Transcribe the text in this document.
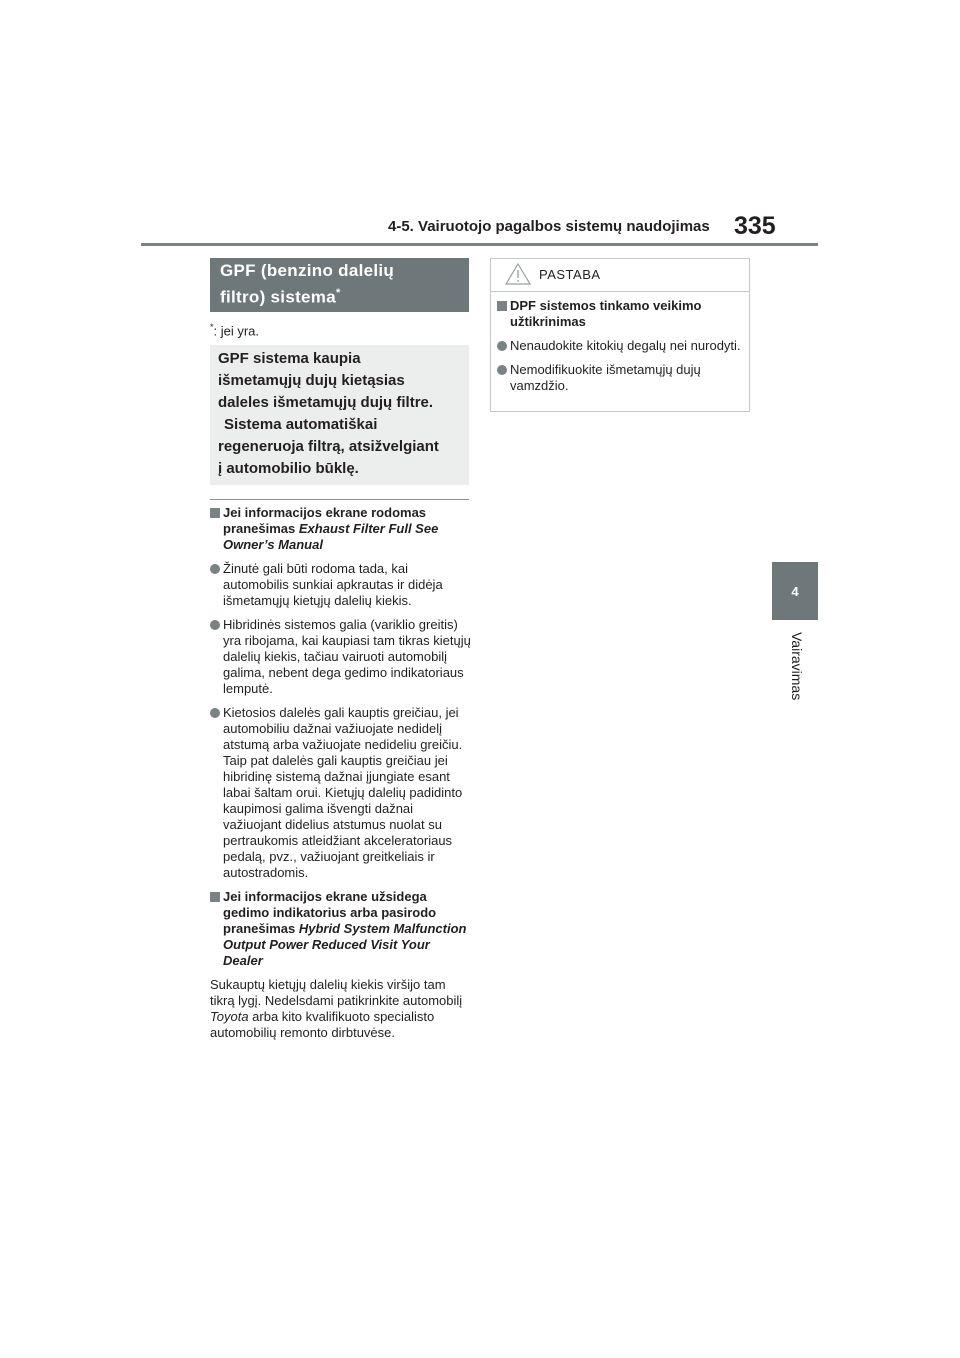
4-5. Vairuotojo pagalbos sistemų naudojimas 335
4
Vairavimas
GPF (benzino dalelių
filtro) sistema*
*: jei yra.
GPF sistema kaupia
išmetamųjų dujų kietąsias
daleles išmetamųjų dujų filtre.
Sistema automatiškai
regeneruoja filtrą, atsižvelgiant
į automobilio būklę.
Jei informacijos ekrane rodomas pranešimas Exhaust Filter Full See Owner’s Manual
Žinutė gali būti rodoma tada, kai automobilis sunkiai apkrautas ir didėja išmetamųjų kietųjų dalelių kiekis.
Hibridinės sistemos galia (variklio greitis) yra ribojama, kai kaupiasi tam tikras kietųjų dalelių kiekis, tačiau vairuoti automobilį galima, nebent dega gedimo indikatoriaus lemputė.
Kietosios dalelės gali kauptis greičiau, jei automobiliu dažnai važiuojate nedidelį atstumą arba važiuojate nedideliu greičiu. Taip pat dalelės gali kauptis greičiau jei hibridinę sistemą dažnai įjungiate esant labai šaltam orui. Kietųjų dalelių padidinto kaupimosi galima išvengti dažnai važiuojant didelius atstumus nuolat su pertraukomis atleidžiant akceleratoriaus pedalą, pvz., važiuojant greitkeliais ir autostradomis.
Jei informacijos ekrane užsidega gedimo indikatorius arba pasirodo pranešimas Hybrid System Malfunction Output Power Reduced Visit Your Dealer
Sukauptų kietųjų dalelių kiekis viršijo tam tikrą lygį. Nedelsdami patikrinkite automobilį Toyota arba kito kvalifikuoto specialisto automobilių remonto dirbtuvėse.
PASTABA
DPF sistemos tinkamo veikimo užtikrinimas
Nenaudokite kitokių degalų nei nurodyti.
Nemodifikuokite išmetamųjų dujų vamzdžio.
